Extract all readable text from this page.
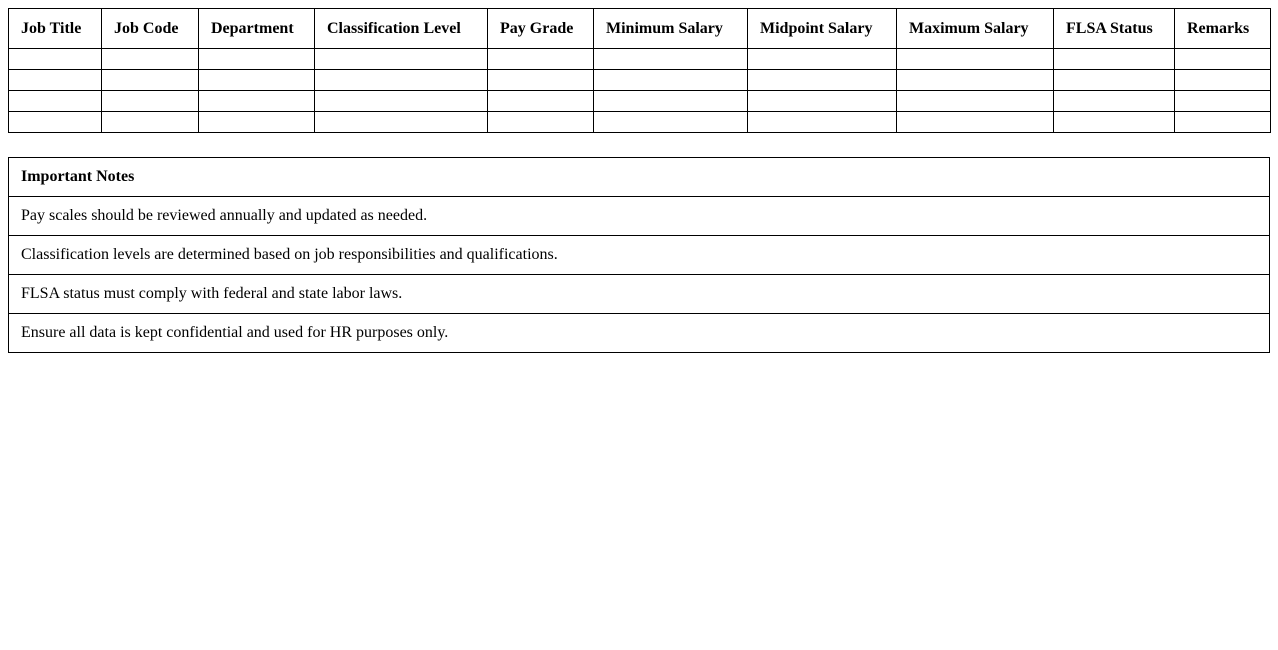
Job Title	Job Code	Department	Classification Level	Pay Grade	Minimum Salary	Midpoint Salary	Maximum Salary	FLSA Status	Remarks

Important Notes
Pay scales should be reviewed annually and updated as needed.
Classification levels are determined based on job responsibilities and qualifications.
FLSA status must comply with federal and state labor laws.
Ensure all data is kept confidential and used for HR purposes only.
